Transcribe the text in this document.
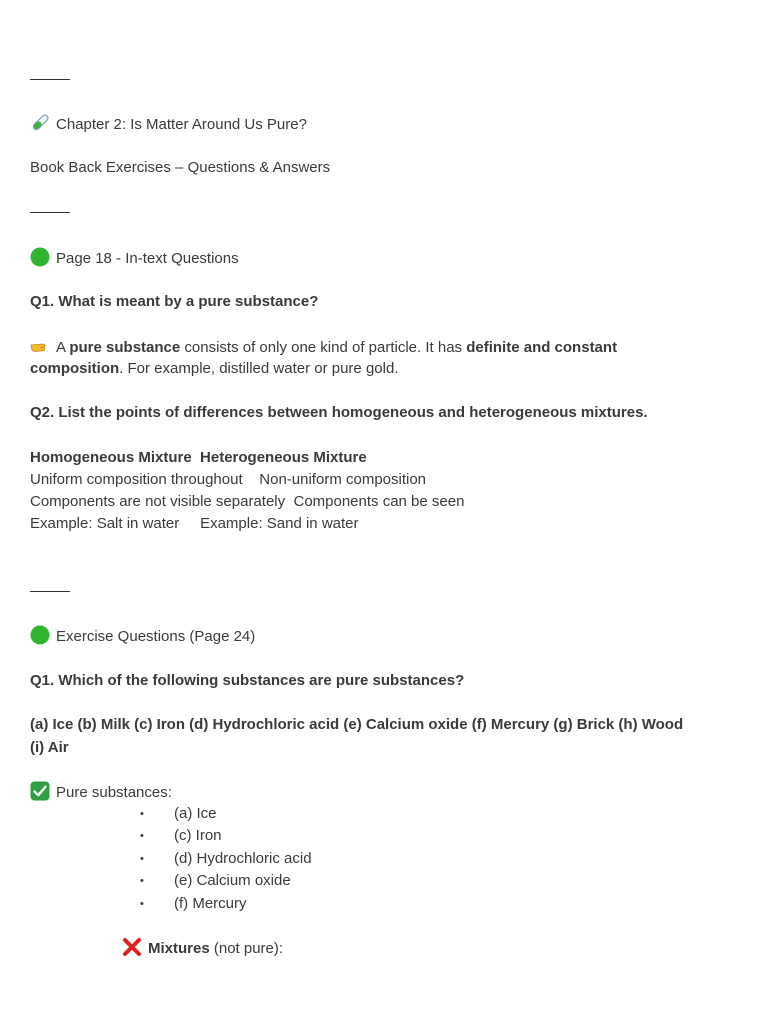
Chapter 2: Is Matter Around Us Pure?
Book Back Exercises – Questions & Answers
Page 18 - In-text Questions
Q1. What is meant by a pure substance?
A pure substance consists of only one kind of particle. It has definite and constant
composition. For example, distilled water or pure gold.
Q2. List the points of differences between homogeneous and heterogeneous mixtures.
Homogeneous Mixture Heterogeneous Mixture
Uniform composition throughout Non-uniform composition
Components are not visible separately Components can be seen
Example: Salt in water Example: Sand in water
Exercise Questions (Page 24)
Q1. Which of the following substances are pure substances?
(a) Ice (b) Milk (c) Iron (d) Hydrochloric acid (e) Calcium oxide (f) Mercury (g) Brick (h) Wood
(i) Air
Pure substances:
• (a) Ice
• (c) Iron
• (d) Hydrochloric acid
• (e) Calcium oxide
• (f) Mercury
Mixtures (not pure):
